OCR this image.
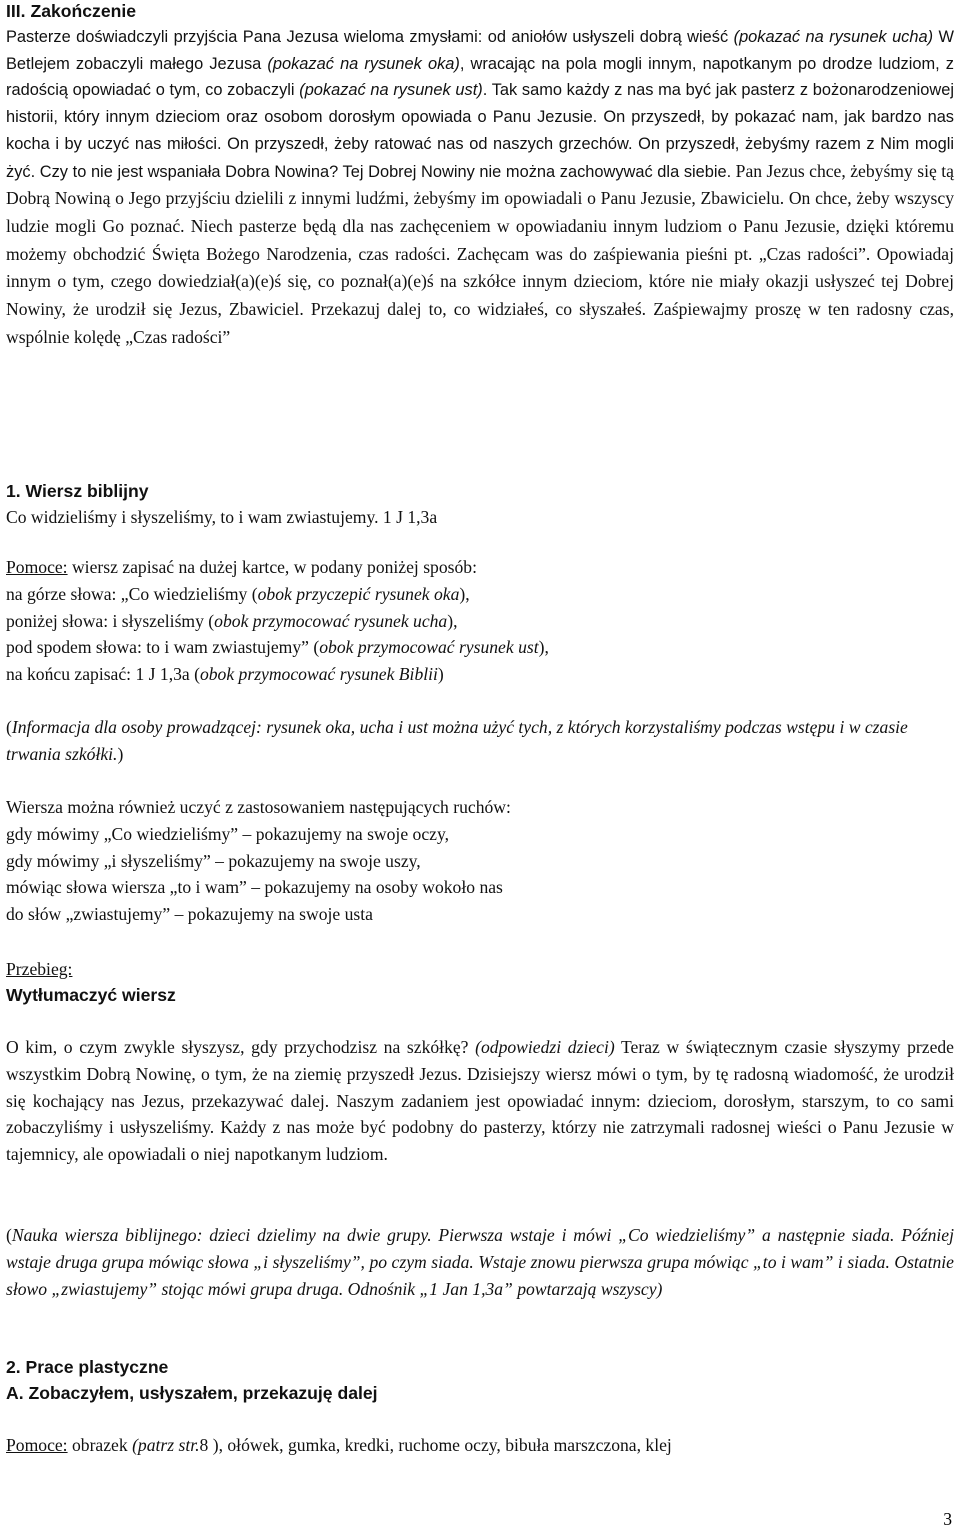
III. Zakończenie

Pasterze doświadczyli przyjścia Pana Jezusa wieloma zmysłami: od aniołów usłyszeli dobrą wieść (pokazać na rysunek ucha) W Betlejem zobaczyli małego Jezusa (pokazać na rysunek oka), wracając na pola mogli innym, napotkanym po drodze ludziom, z radością opowiadać o tym, co zobaczyli (pokazać na rysunek ust). Tak samo każdy z nas ma być jak pasterz z bożonarodzeniowej historii, który innym dzieciom oraz osobom dorosłym opowiada o Panu Jezusie. On przyszedł, by pokazać nam, jak bardzo nas kocha i by uczyć nas miłości. On przyszedł, żeby ratować nas od naszych grzechów. On przyszedł, żebyśmy razem z Nim mogli żyć. Czy to nie jest wspaniała Dobra Nowina? Tej Dobrej Nowiny nie można zachowywać dla siebie. Pan Jezus chce, żebyśmy się tą Dobrą Nowiną o Jego przyjściu dzielili z innymi ludźmi, żebyśmy im opowiadali o Panu Jezusie, Zbawicielu. On chce, żeby wszyscy ludzie mogli Go poznać. Niech pasterze będą dla nas zachęceniem w opowiadaniu innym ludziom o Panu Jezusie, dzięki któremu możemy obchodzić Święta Bożego Narodzenia, czas radości. Zachęcam was do zaśpiewania pieśni pt. „Czas radości”. Opowiadaj innym o tym, czego dowiedział(a)(e)ś się, co poznał(a)(e)ś na szkółce innym dzieciom, które nie miały okazji usłyszeć tej Dobrej Nowiny, że urodził się Jezus, Zbawiciel. Przekazuj dalej to, co widziałeś, co słyszałeś. Zaśpiewajmy proszę w ten radosny czas, wspólnie kolędę „Czas radości”

1. Wiersz biblijny
Co widzieliśmy i słyszeliśmy, to i wam zwiastujemy. 1 J 1,3a
Pomoce: wiersz zapisać na dużej kartce, w podany poniżej sposób:
na górze słowa: „Co wiedzieliśmy (obok przyczepić rysunek oka),
poniżej słowa: i słyszeliśmy (obok przymocować rysunek ucha),
pod spodem słowa: to i wam zwiastujemy” (obok przymocować rysunek ust),
na końcu zapisać: 1 J 1,3a (obok przymocować rysunek Biblii)

(Informacja dla osoby prowadzącej: rysunek oka, ucha i ust można użyć tych, z których korzystaliśmy podczas wstępu i w czasie trwania szkółki.)

Wiersza można również uczyć z zastosowaniem następujących ruchów:
gdy mówimy „Co wiedzieliśmy” – pokazujemy na swoje oczy,
gdy mówimy „i słyszeliśmy” – pokazujemy na swoje uszy,
mówiąc słowa wiersza „to i wam” – pokazujemy na osoby wokoło nas
do słów „zwiastujemy” – pokazujemy na swoje usta
Przebieg:
Wytłumaczyć wiersz

O kim, o czym zwykle słyszysz, gdy przychodzisz na szkółkę? (odpowiedzi dzieci) Teraz w świątecznym czasie słyszymy przede wszystkim Dobrą Nowinę, o tym, że na ziemię przyszedł Jezus. Dzisiejszy wiersz mówi o tym, by tę radosną wiadomość, że urodził się kochający nas Jezus, przekazywać dalej. Naszym zadaniem jest opowiadać innym: dzieciom, dorosłym, starszym, to co sami zobaczyliśmy i usłyszeliśmy. Każdy z nas może być podobny do pasterzy, którzy nie zatrzymali radosnej wieści o Panu Jezusie w tajemnicy, ale opowiadali o niej napotkanym ludziom.

(Nauka wiersza biblijnego: dzieci dzielimy na dwie grupy. Pierwsza wstaje i mówi „Co wiedzieliśmy” a następnie siada. Później wstaje druga grupa mówiąc słowa „i słyszeliśmy”, po czym siada. Wstaje znowu pierwsza grupa mówiąc „to i wam” i siada. Ostatnie słowo „zwiastujemy” stojąc mówi grupa druga. Odnośnik „1 Jan 1,3a” powtarzają wszyscy)

2. Prace plastyczne
A. Zobaczyłem, usłyszałem, przekazuję dalej
Pomoce: obrazek (patrz str.8 ), ołówek, gumka, kredki, ruchome oczy, bibuła marszczona, klej
3
